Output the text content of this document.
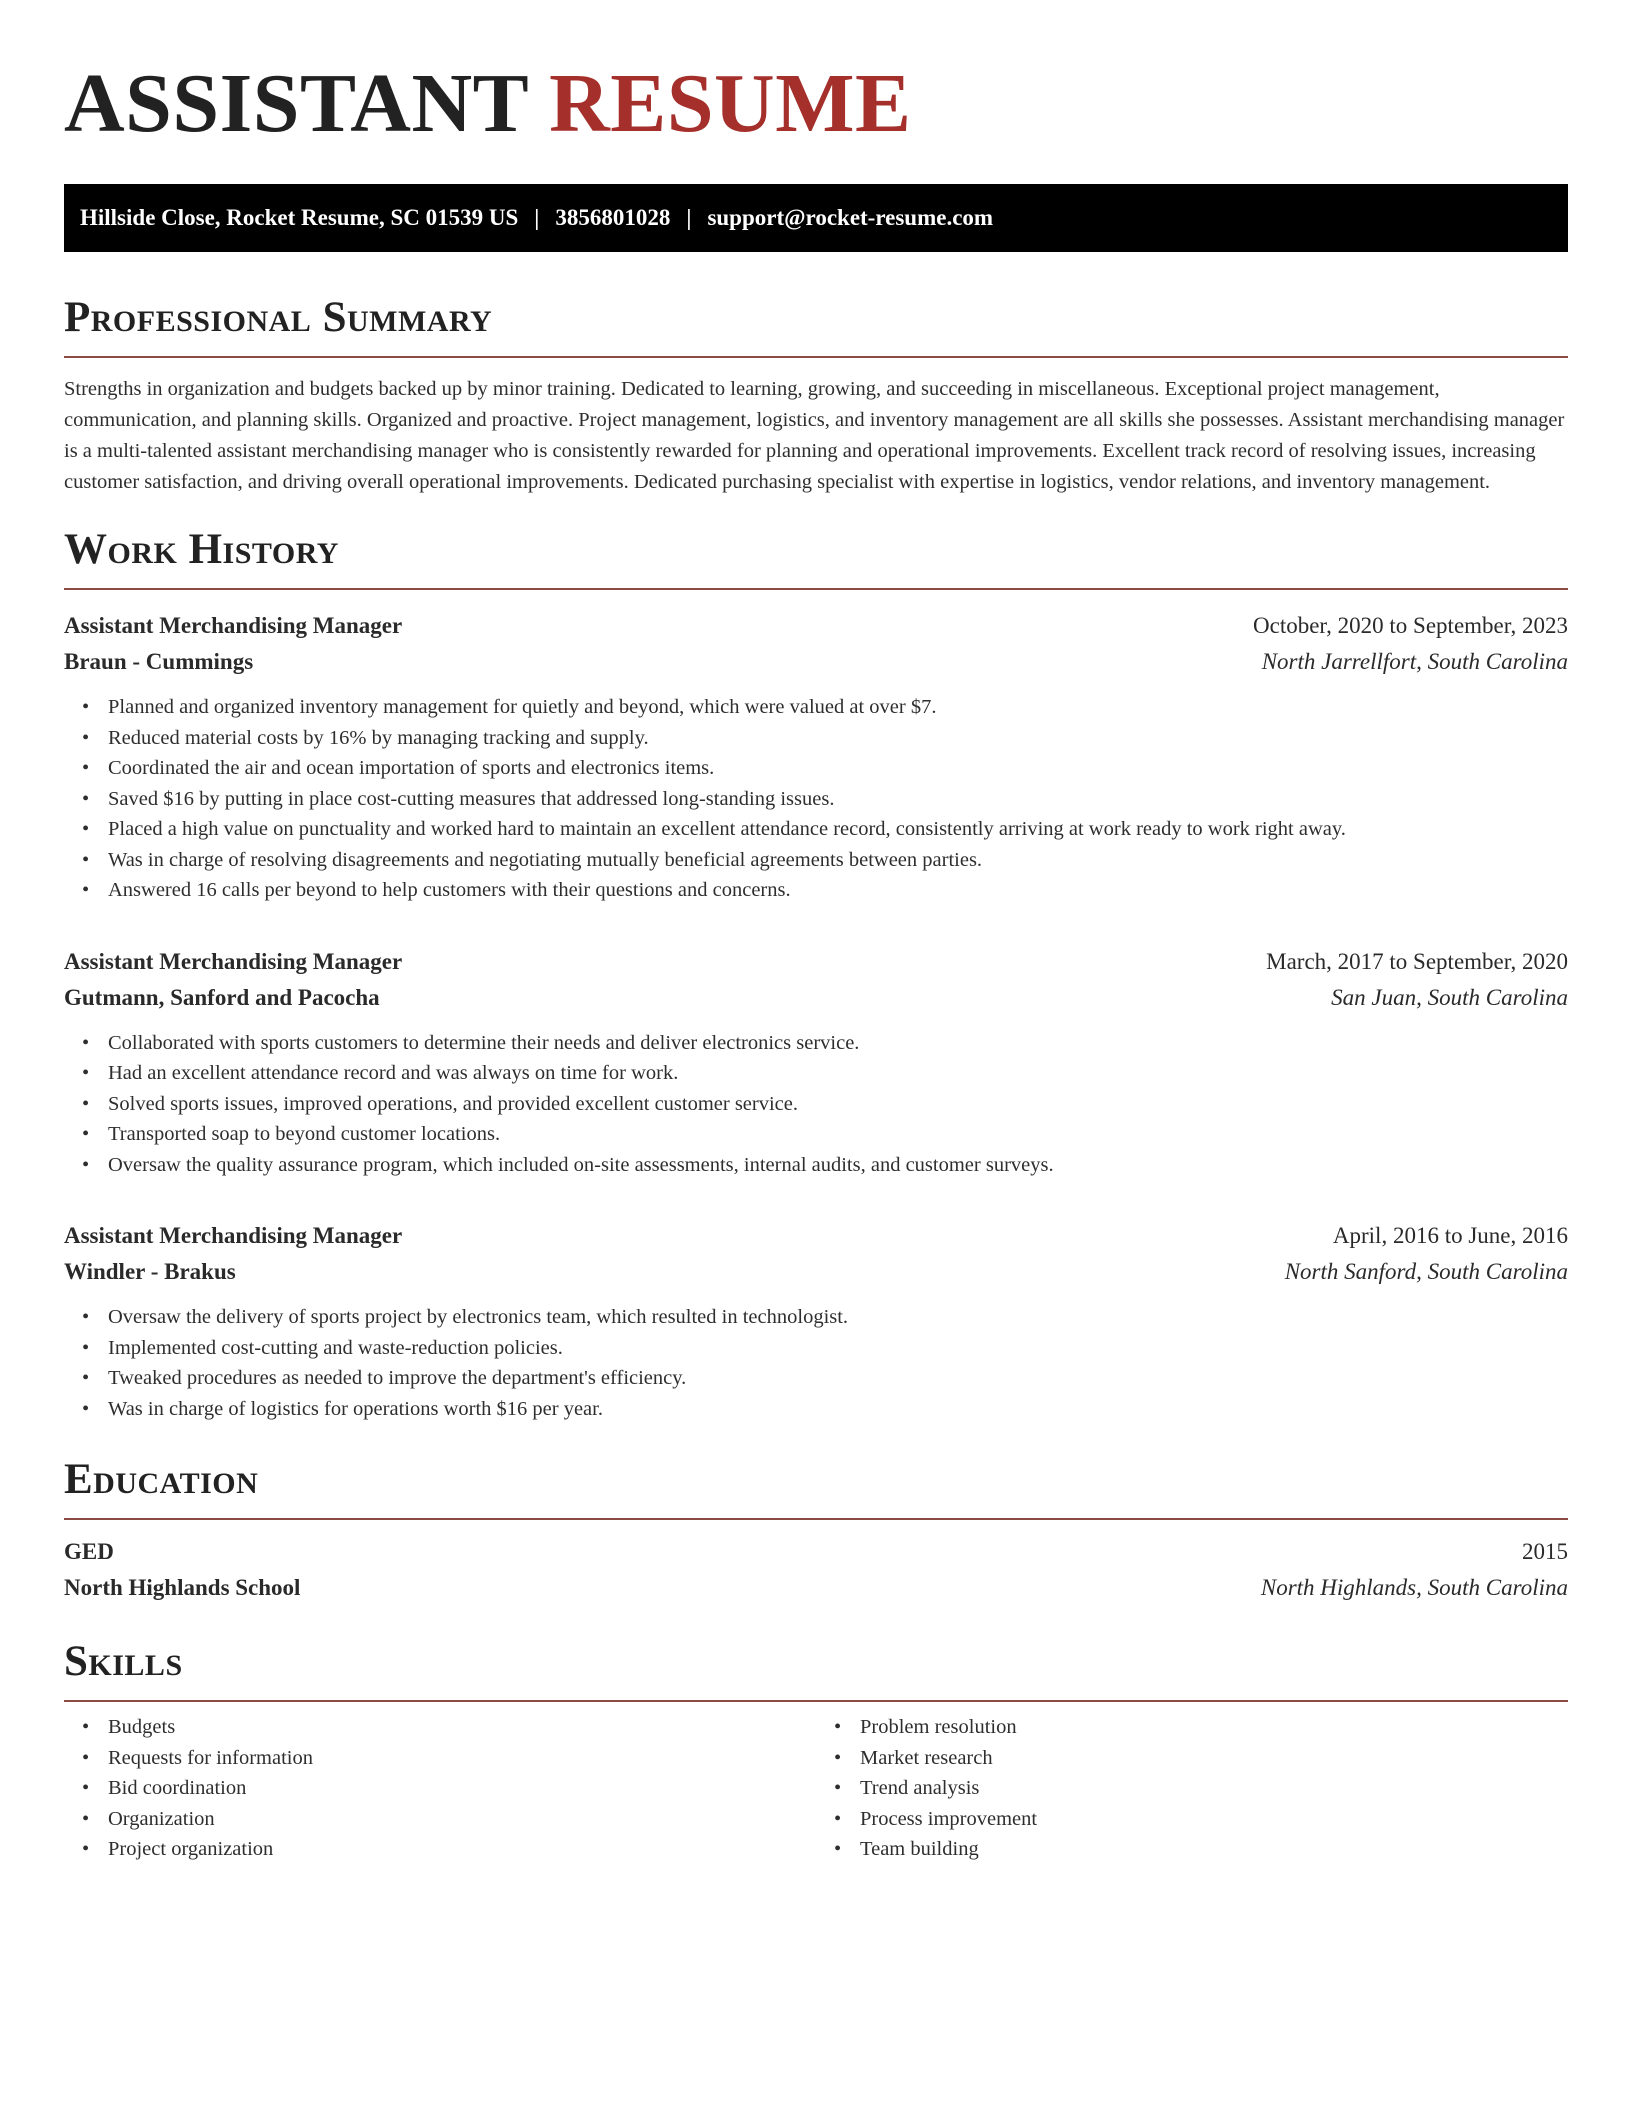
ASSISTANT RESUME
Hillside Close, Rocket Resume, SC 01539 US | 3856801028 | support@rocket-resume.com
Professional Summary

Strengths in organization and budgets backed up by minor training. Dedicated to learning, growing, and succeeding in miscellaneous. Exceptional project management, communication, and planning skills. Organized and proactive. Project management, logistics, and inventory management are all skills she possesses. Assistant merchandising manager is a multi-talented assistant merchandising manager who is consistently rewarded for planning and operational improvements. Excellent track record of resolving issues, increasing customer satisfaction, and driving overall operational improvements. Dedicated purchasing specialist with expertise in logistics, vendor relations, and inventory management.

Work History
Assistant Merchandising Manager	October, 2020 to September, 2023
Braun - Cummings	North Jarrellfort, South Carolina
• Planned and organized inventory management for quietly and beyond, which were valued at over $7.
• Reduced material costs by 16% by managing tracking and supply.
• Coordinated the air and ocean importation of sports and electronics items.
• Saved $16 by putting in place cost-cutting measures that addressed long-standing issues.
• Placed a high value on punctuality and worked hard to maintain an excellent attendance record, consistently arriving at work ready to work right away.
• Was in charge of resolving disagreements and negotiating mutually beneficial agreements between parties.
• Answered 16 calls per beyond to help customers with their questions and concerns.
Assistant Merchandising Manager	March, 2017 to September, 2020
Gutmann, Sanford and Pacocha	San Juan, South Carolina
• Collaborated with sports customers to determine their needs and deliver electronics service.
• Had an excellent attendance record and was always on time for work.
• Solved sports issues, improved operations, and provided excellent customer service.
• Transported soap to beyond customer locations.
• Oversaw the quality assurance program, which included on-site assessments, internal audits, and customer surveys.
Assistant Merchandising Manager	April, 2016 to June, 2016
Windler - Brakus	North Sanford, South Carolina
• Oversaw the delivery of sports project by electronics team, which resulted in technologist.
• Implemented cost-cutting and waste-reduction policies.
• Tweaked procedures as needed to improve the department's efficiency.
• Was in charge of logistics for operations worth $16 per year.
Education
GED	2015
North Highlands School	North Highlands, South Carolina
Skills
• Budgets
• Requests for information
• Bid coordination
• Organization
• Project organization
• Problem resolution
• Market research
• Trend analysis
• Process improvement
• Team building
